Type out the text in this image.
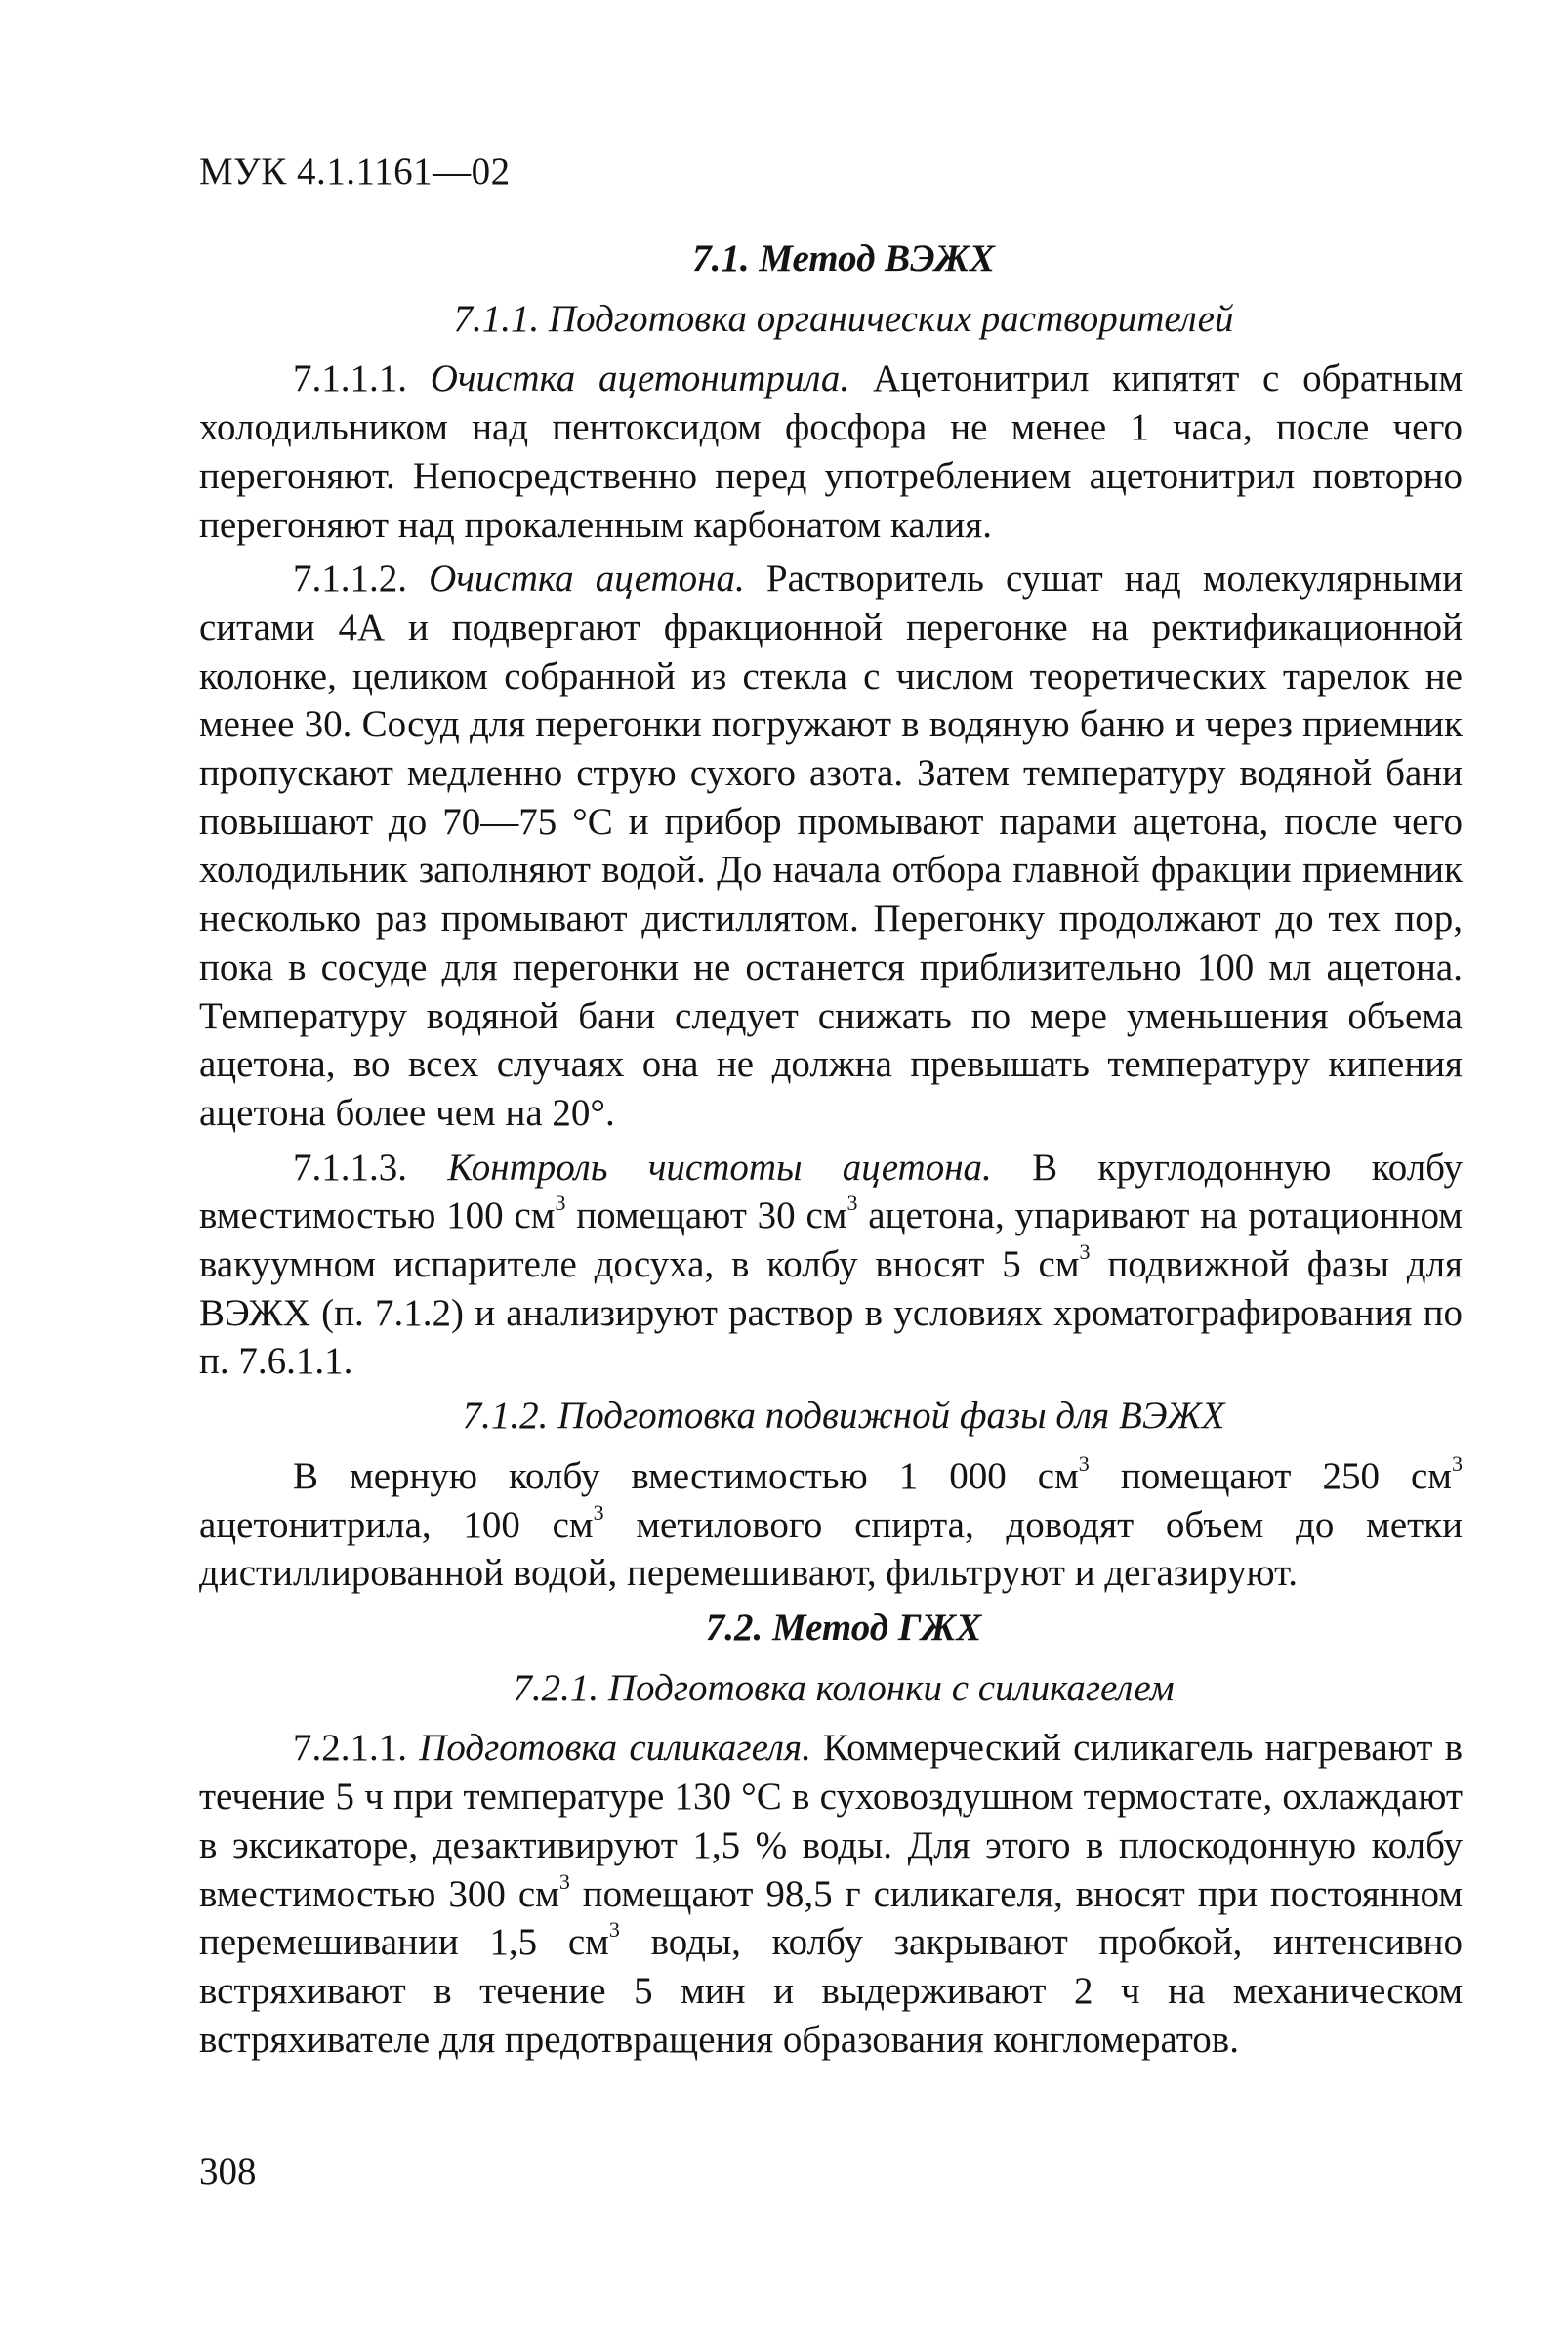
МУК 4.1.1161—02
7.1. Метод ВЭЖХ
7.1.1. Подготовка органических растворителей

7.1.1.1. Очистка ацетонитрила. Ацетонитрил кипятят с обратным холодильником над пентоксидом фосфора не менее 1 часа, после чего перегоняют. Непосредственно перед употреблением ацетонитрил повторно перегоняют над прокаленным карбонатом калия.

7.1.1.2. Очистка ацетона. Растворитель сушат над молекулярными ситами 4А и подвергают фракционной перегонке на ректификационной колонке, целиком собранной из стекла с числом теоретических тарелок не менее 30. Сосуд для перегонки погружают в водяную баню и через приемник пропускают медленно струю сухого азота. Затем температуру водяной бани повышают до 70—75 °С и прибор промывают парами ацетона, после чего холодильник заполняют водой. До начала отбора главной фракции приемник несколько раз промывают дистиллятом. Перегонку продолжают до тех пор, пока в сосуде для перегонки не останется приблизительно 100 мл ацетона. Температуру водяной бани следует снижать по мере уменьшения объема ацетона, во всех случаях она не должна превышать температуру кипения ацетона более чем на 20°.

7.1.1.3. Контроль чистоты ацетона. В круглодонную колбу вместимостью 100 $см^3$ помещают 30 $см^3$ ацетона, упаривают на ротационном вакуумном испарителе досуха, в колбу вносят 5 $см^3$ подвижной фазы для ВЭЖХ (п. 7.1.2) и анализируют раствор в условиях хроматографирования по п. 7.6.1.1.

7.1.2. Подготовка подвижной фазы для ВЭЖХ

В мерную колбу вместимостью 1 000 $см^3$ помещают 250 $см^3$ ацетонитрила, 100 $см^3$ метилового спирта, доводят объем до метки дистиллированной водой, перемешивают, фильтруют и дегазируют.

7.2. Метод ГЖХ
7.2.1. Подготовка колонки с силикагелем

7.2.1.1. Подготовка силикагеля. Коммерческий силикагель нагревают в течение 5 ч при температуре 130 °С в суховоздушном термостате, охлаждают в эксикаторе, дезактивируют 1,5 % воды. Для этого в плоскодонную колбу вместимостью 300 $см^3$ помещают 98,5 г силикагеля, вносят при постоянном перемешивании 1,5 $см^3$ воды, колбу закрывают пробкой, интенсивно встряхивают в течение 5 мин и выдерживают 2 ч на механическом встряхивателе для предотвращения образования конгломератов.

308
